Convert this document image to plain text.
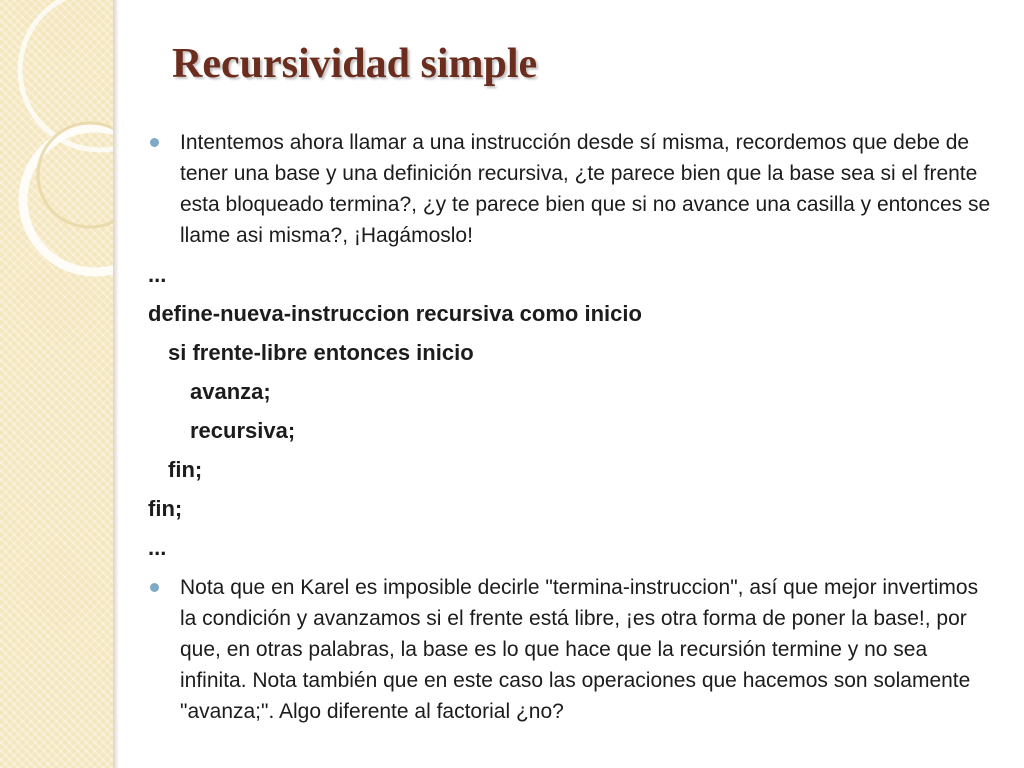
Recursividad simple

Intentemos ahora llamar a una instrucción desde sí misma, recordemos que debe de tener una base y una definición recursiva, ¿te parece bien que la base sea si el frente esta bloqueado termina?, ¿y te parece bien que si no avance una casilla y entonces se llame asi misma?, ¡Hagámoslo!

...

define-nueva-instruccion recursiva como inicio

si frente-libre entonces inicio

avanza;

recursiva;

fin;

fin;

...

Nota que en Karel es imposible decirle "termina-instruccion", así que mejor invertimos la condición y avanzamos si el frente está libre, ¡es otra forma de poner la base!, por que, en otras palabras, la base es lo que hace que la recursión termine y no sea infinita. Nota también que en este caso las operaciones que hacemos son solamente "avanza;". Algo diferente al factorial ¿no?
